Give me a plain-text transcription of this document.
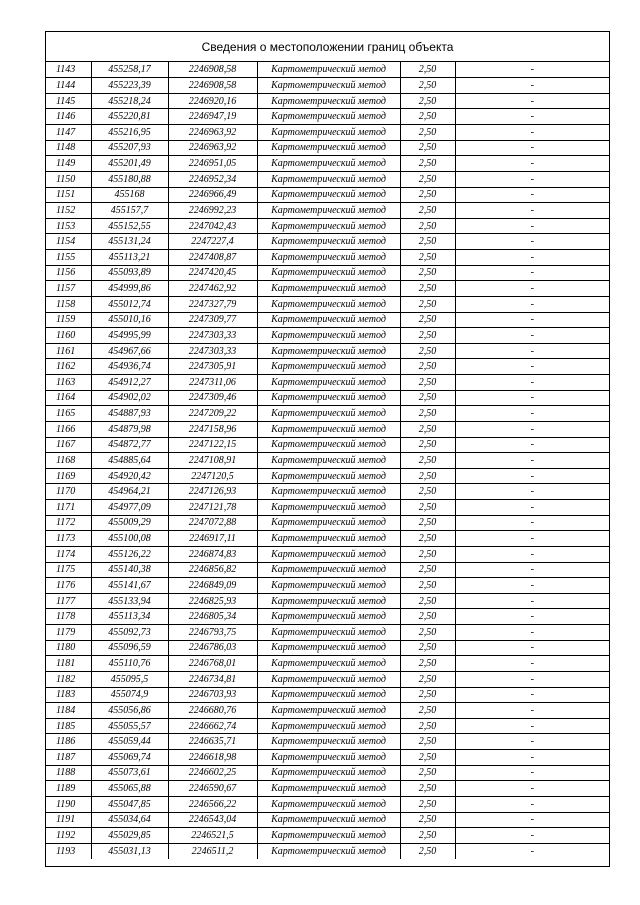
Сведения о местоположении границ объекта
1143	455258,17	2246908,58	Картометрический метод	2,50	-
1144	455223,39	2246908,58	Картометрический метод	2,50	-
1145	455218,24	2246920,16	Картометрический метод	2,50	-
1146	455220,81	2246947,19	Картометрический метод	2,50	-
1147	455216,95	2246963,92	Картометрический метод	2,50	-
1148	455207,93	2246963,92	Картометрический метод	2,50	-
1149	455201,49	2246951,05	Картометрический метод	2,50	-
1150	455180,88	2246952,34	Картометрический метод	2,50	-
1151	455168	2246966,49	Картометрический метод	2,50	-
1152	455157,7	2246992,23	Картометрический метод	2,50	-
1153	455152,55	2247042,43	Картометрический метод	2,50	-
1154	455131,24	2247227,4	Картометрический метод	2,50	-
1155	455113,21	2247408,87	Картометрический метод	2,50	-
1156	455093,89	2247420,45	Картометрический метод	2,50	-
1157	454999,86	2247462,92	Картометрический метод	2,50	-
1158	455012,74	2247327,79	Картометрический метод	2,50	-
1159	455010,16	2247309,77	Картометрический метод	2,50	-
1160	454995,99	2247303,33	Картометрический метод	2,50	-
1161	454967,66	2247303,33	Картометрический метод	2,50	-
1162	454936,74	2247305,91	Картометрический метод	2,50	-
1163	454912,27	2247311,06	Картометрический метод	2,50	-
1164	454902,02	2247309,46	Картометрический метод	2,50	-
1165	454887,93	2247209,22	Картометрический метод	2,50	-
1166	454879,98	2247158,96	Картометрический метод	2,50	-
1167	454872,77	2247122,15	Картометрический метод	2,50	-
1168	454885,64	2247108,91	Картометрический метод	2,50	-
1169	454920,42	2247120,5	Картометрический метод	2,50	-
1170	454964,21	2247126,93	Картометрический метод	2,50	-
1171	454977,09	2247121,78	Картометрический метод	2,50	-
1172	455009,29	2247072,88	Картометрический метод	2,50	-
1173	455100,08	2246917,11	Картометрический метод	2,50	-
1174	455126,22	2246874,83	Картометрический метод	2,50	-
1175	455140,38	2246856,82	Картометрический метод	2,50	-
1176	455141,67	2246849,09	Картометрический метод	2,50	-
1177	455133,94	2246825,93	Картометрический метод	2,50	-
1178	455113,34	2246805,34	Картометрический метод	2,50	-
1179	455092,73	2246793,75	Картометрический метод	2,50	-
1180	455096,59	2246786,03	Картометрический метод	2,50	-
1181	455110,76	2246768,01	Картометрический метод	2,50	-
1182	455095,5	2246734,81	Картометрический метод	2,50	-
1183	455074,9	2246703,93	Картометрический метод	2,50	-
1184	455056,86	2246680,76	Картометрический метод	2,50	-
1185	455055,57	2246662,74	Картометрический метод	2,50	-
1186	455059,44	2246635,71	Картометрический метод	2,50	-
1187	455069,74	2246618,98	Картометрический метод	2,50	-
1188	455073,61	2246602,25	Картометрический метод	2,50	-
1189	455065,88	2246590,67	Картометрический метод	2,50	-
1190	455047,85	2246566,22	Картометрический метод	2,50	-
1191	455034,64	2246543,04	Картометрический метод	2,50	-
1192	455029,85	2246521,5	Картометрический метод	2,50	-
1193	455031,13	2246511,2	Картометрический метод	2,50	-
